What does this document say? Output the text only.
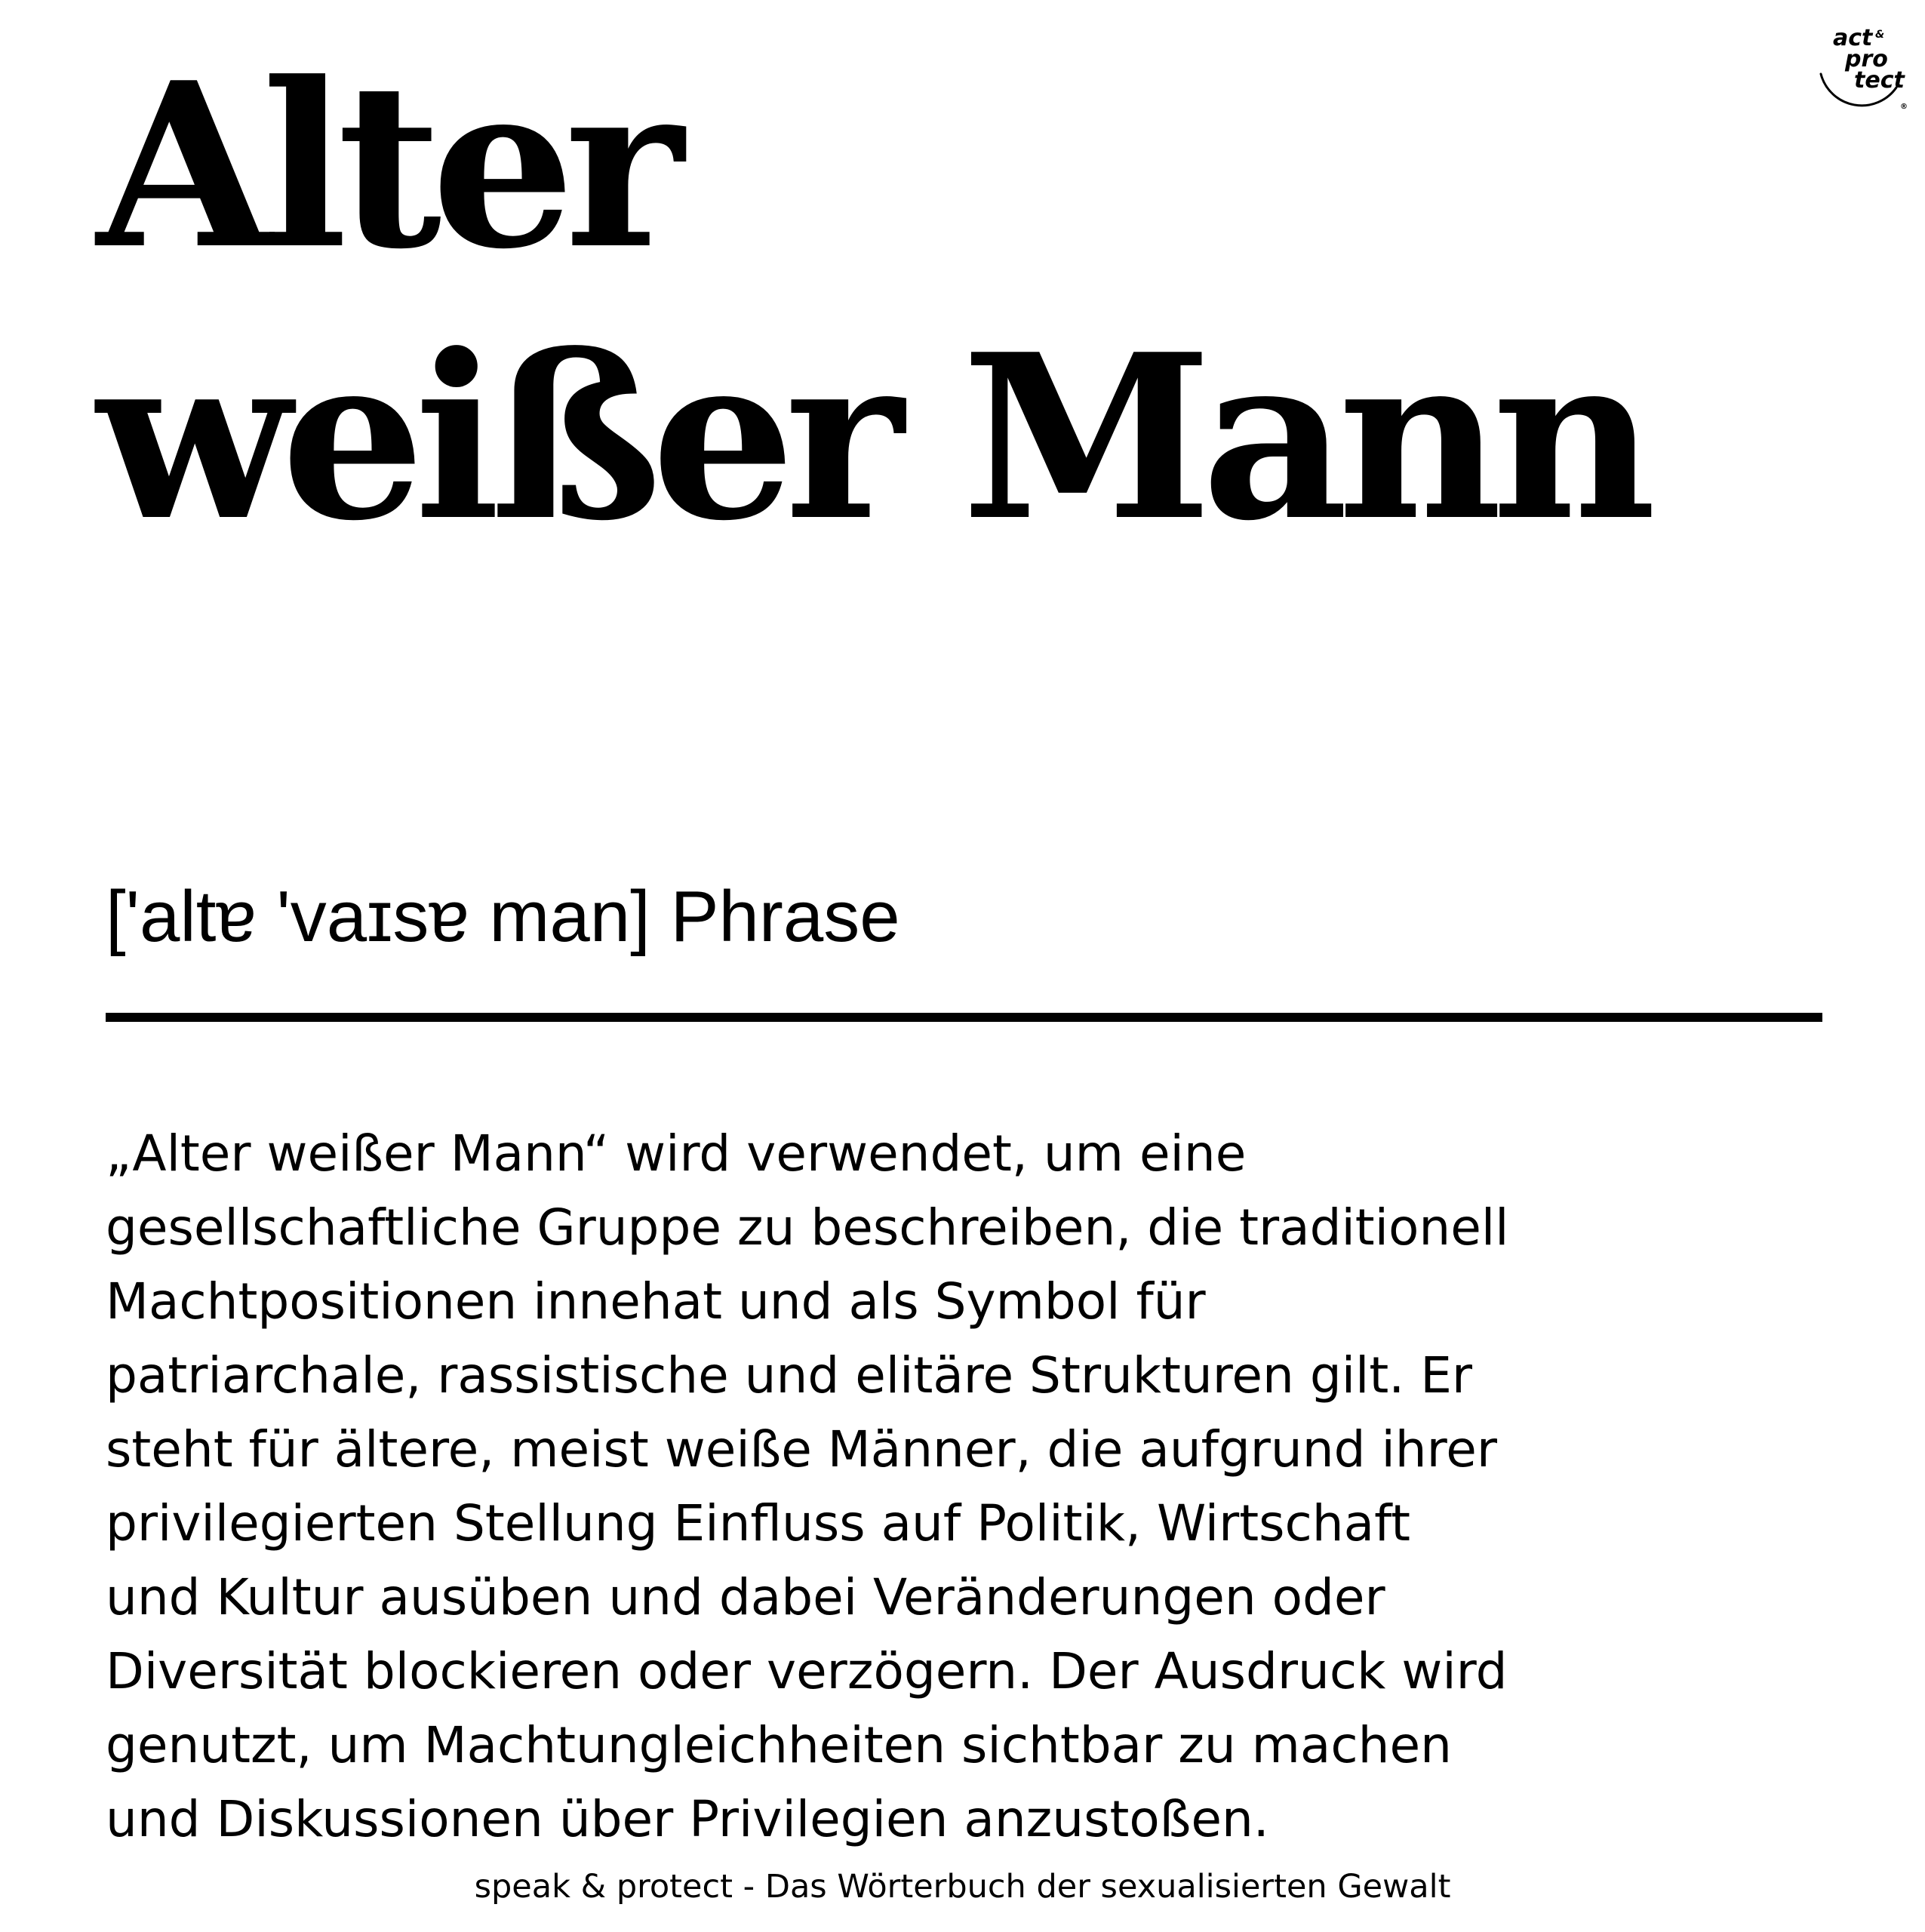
Alter
weißer Mann
act &
pro
tect
®
['altɐ 'vaɪsɐ man] Phrase

„Alter weißer Mann“ wird verwendet, um eine
gesellschaftliche Gruppe zu beschreiben, die traditionell
Machtpositionen innehat und als Symbol für
patriarchale, rassistische und elitäre Strukturen gilt. Er
steht für ältere, meist weiße Männer, die aufgrund ihrer
privilegierten Stellung Einfluss auf Politik, Wirtschaft
und Kultur ausüben und dabei Veränderungen oder
Diversität blockieren oder verzögern. Der Ausdruck wird
genutzt, um Machtungleichheiten sichtbar zu machen
und Diskussionen über Privilegien anzustoßen.

speak & protect - Das Wörterbuch der sexualisierten Gewalt
